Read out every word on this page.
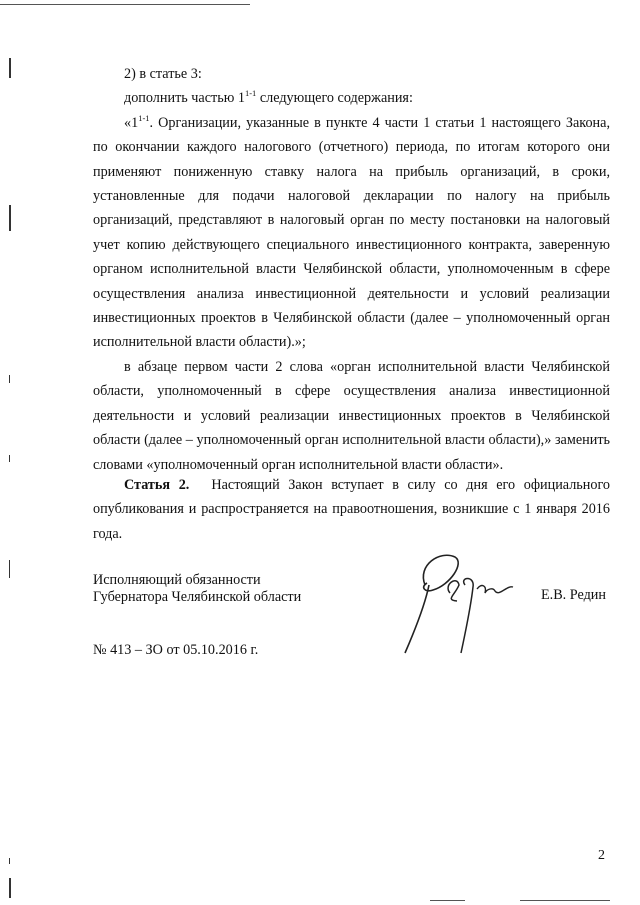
2) в статье 3:

дополнить частью 1$^{1-1}$ следующего содержания:

«1$^{1-1}$. Организации, указанные в пункте 4 части 1 статьи 1 настоящего Закона, по окончании каждого налогового (отчетного) периода, по итогам которого они применяют пониженную ставку налога на прибыль организаций, в сроки, установленные для подачи налоговой декларации по налогу на прибыль организаций, представляют в налоговый орган по месту постановки на налоговый учет копию действующего специального инвестиционного контракта, заверенную органом исполнительной власти Челябинской области, уполномоченным в сфере осуществления анализа инвестиционной деятельности и условий реализации инвестиционных проектов в Челябинской области (далее – уполномоченный орган исполнительной власти области).»;

в абзаце первом части 2 слова «орган исполнительной власти Челябинской области, уполномоченный в сфере осуществления анализа инвестиционной деятельности и условий реализации инвестиционных проектов в Челябинской области (далее – уполномоченный орган исполнительной власти области),» заменить словами «уполномоченный орган исполнительной власти области».

Статья 2. Настоящий Закон вступает в силу со дня его официального опубликования и распространяется на правоотношения, возникшие с 1 января 2016 года.

Исполняющий обязанности
Губернатора Челябинской области	Е.В. Редин
№ 413 – ЗО от 05.10.2016 г.
2
